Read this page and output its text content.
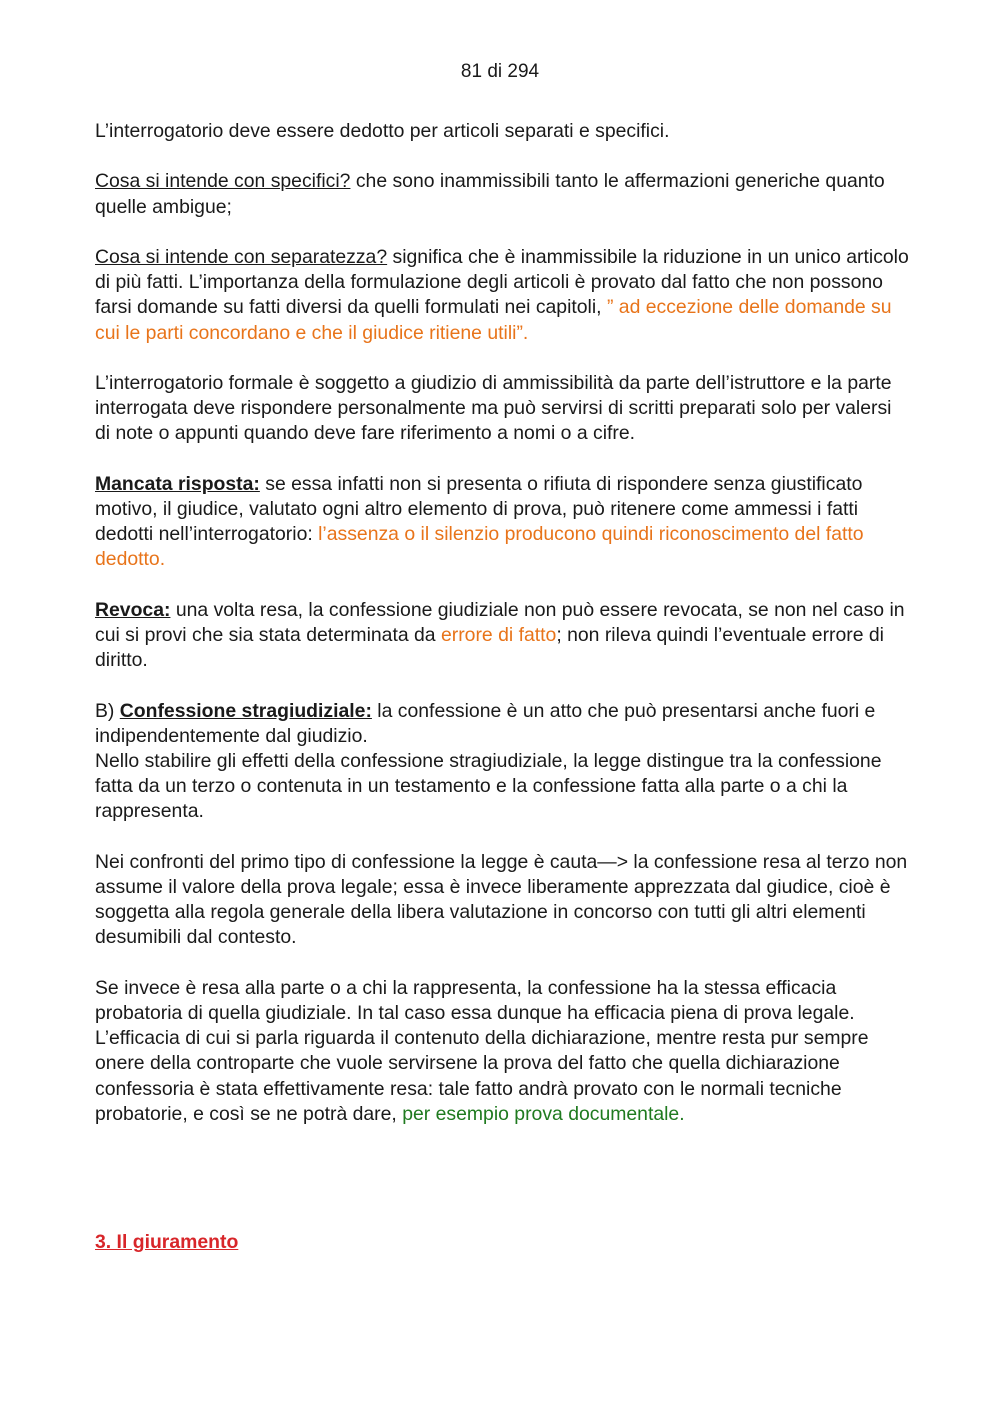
81 di 294

L’interrogatorio deve essere dedotto per articoli separati e specifici.

Cosa si intende con specifici? che sono inammissibili tanto le affermazioni generiche quanto quelle ambigue;

Cosa si intende con separatezza? significa che è inammissibile la riduzione in un unico articolo di più fatti. L’importanza della formulazione degli articoli è provato dal fatto che non possono farsi domande su fatti diversi da quelli formulati nei capitoli, ” ad eccezione delle domande su cui le parti concordano e che il giudice ritiene utili”.

L’interrogatorio formale è soggetto a giudizio di ammissibilità da parte dell’istruttore e la parte interrogata deve rispondere personalmente ma può servirsi di scritti preparati solo per valersi di note o appunti quando deve fare riferimento a nomi o a cifre.

Mancata risposta: se essa infatti non si presenta o rifiuta di rispondere senza giustificato motivo, il giudice, valutato ogni altro elemento di prova, può ritenere come ammessi i fatti dedotti nell’interrogatorio: l’assenza o il silenzio producono quindi riconoscimento del fatto dedotto.

Revoca: una volta resa, la confessione giudiziale non può essere revocata, se non nel caso in cui si provi che sia stata determinata da errore di fatto; non rileva quindi l’eventuale errore di diritto.

B) Confessione stragiudiziale: la confessione è un atto che può presentarsi anche fuori e indipendentemente dal giudizio.

Nello stabilire gli effetti della confessione stragiudiziale, la legge distingue tra la confessione fatta da un terzo o contenuta in un testamento e la confessione fatta alla parte o a chi la rappresenta.

Nei confronti del primo tipo di confessione la legge è cauta—> la confessione resa al terzo non assume il valore della prova legale; essa è invece liberamente apprezzata dal giudice, cioè è soggetta alla regola generale della libera valutazione in concorso con tutti gli altri elementi desumibili dal contesto.

Se invece è resa alla parte o a chi la rappresenta, la confessione ha la stessa efficacia probatoria di quella giudiziale. In tal caso essa dunque ha efficacia piena di prova legale. L’efficacia di cui si parla riguarda il contenuto della dichiarazione, mentre resta pur sempre onere della controparte che vuole servirsene la prova del fatto che quella dichiarazione confessoria è stata effettivamente resa: tale fatto andrà provato con le normali tecniche probatorie, e così se ne potrà dare, per esempio prova documentale.

3. Il giuramento
